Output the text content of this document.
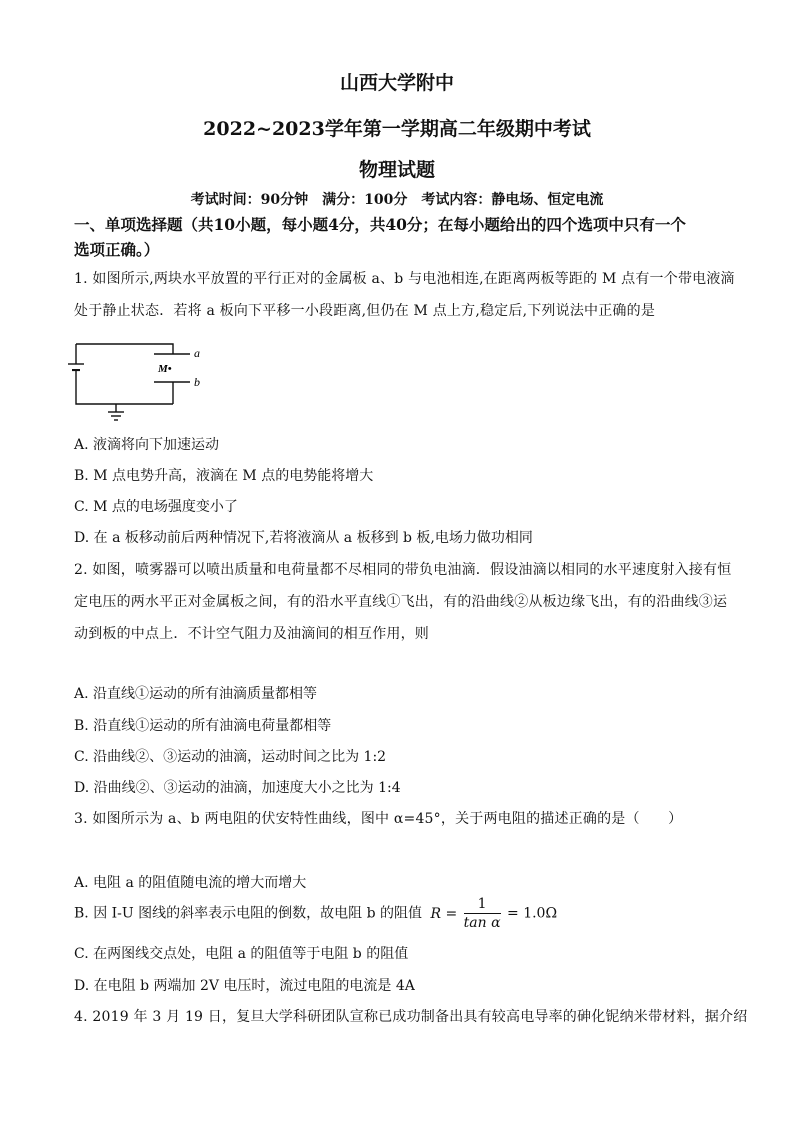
山西大学附中
2022~2023学年第一学期高二年级期中考试
物理试题
考试时间：90分钟　满分：100分　考试内容：静电场、恒定电流
一、单项选择题（共10小题，每小题4分，共40分；在每小题给出的四个选项中只有一个
选项正确。）
1. 如图所示,两块水平放置的平行正对的金属板 a、b 与电池相连,在距离两板等距的 M 点有一个带电液滴
处于静止状态．若将 a 板向下平移一小段距离,但仍在 M 点上方,稳定后,下列说法中正确的是
a
b
M•
A. 液滴将向下加速运动
B. M 点电势升高，液滴在 M 点的电势能将增大
C. M 点的电场强度变小了
D. 在 a 板移动前后两种情况下,若将液滴从 a 板移到 b 板,电场力做功相同
2. 如图，喷雾器可以喷出质量和电荷量都不尽相同的带负电油滴．假设油滴以相同的水平速度射入接有恒
定电压的两水平正对金属板之间，有的沿水平直线①飞出，有的沿曲线②从板边缘飞出，有的沿曲线③运
动到板的中点上．不计空气阻力及油滴间的相互作用，则
A. 沿直线①运动的所有油滴质量都相等
B. 沿直线①运动的所有油滴电荷量都相等
C. 沿曲线②、③运动的油滴，运动时间之比为 1:2
D. 沿曲线②、③运动的油滴，加速度大小之比为 1:4
3. 如图所示为 a、b 两电阻的伏安特性曲线，图中 α=45°，关于两电阻的描述正确的是（　　）
A. 电阻 a 的阻值随电流的增大而增大
B. 因 I-U 图线的斜率表示电阻的倒数，故电阻 b 的阻值 $R = \frac{1}{\text{tan α}} = 1.0\Omega$
C. 在两图线交点处，电阻 a 的阻值等于电阻 b 的阻值
D. 在电阻 b 两端加 2V 电压时，流过电阻的电流是 4A
4. 2019 年 3 月 19 日，复旦大学科研团队宣称已成功制备出具有较高电导率的砷化铌纳米带材料，据介绍
